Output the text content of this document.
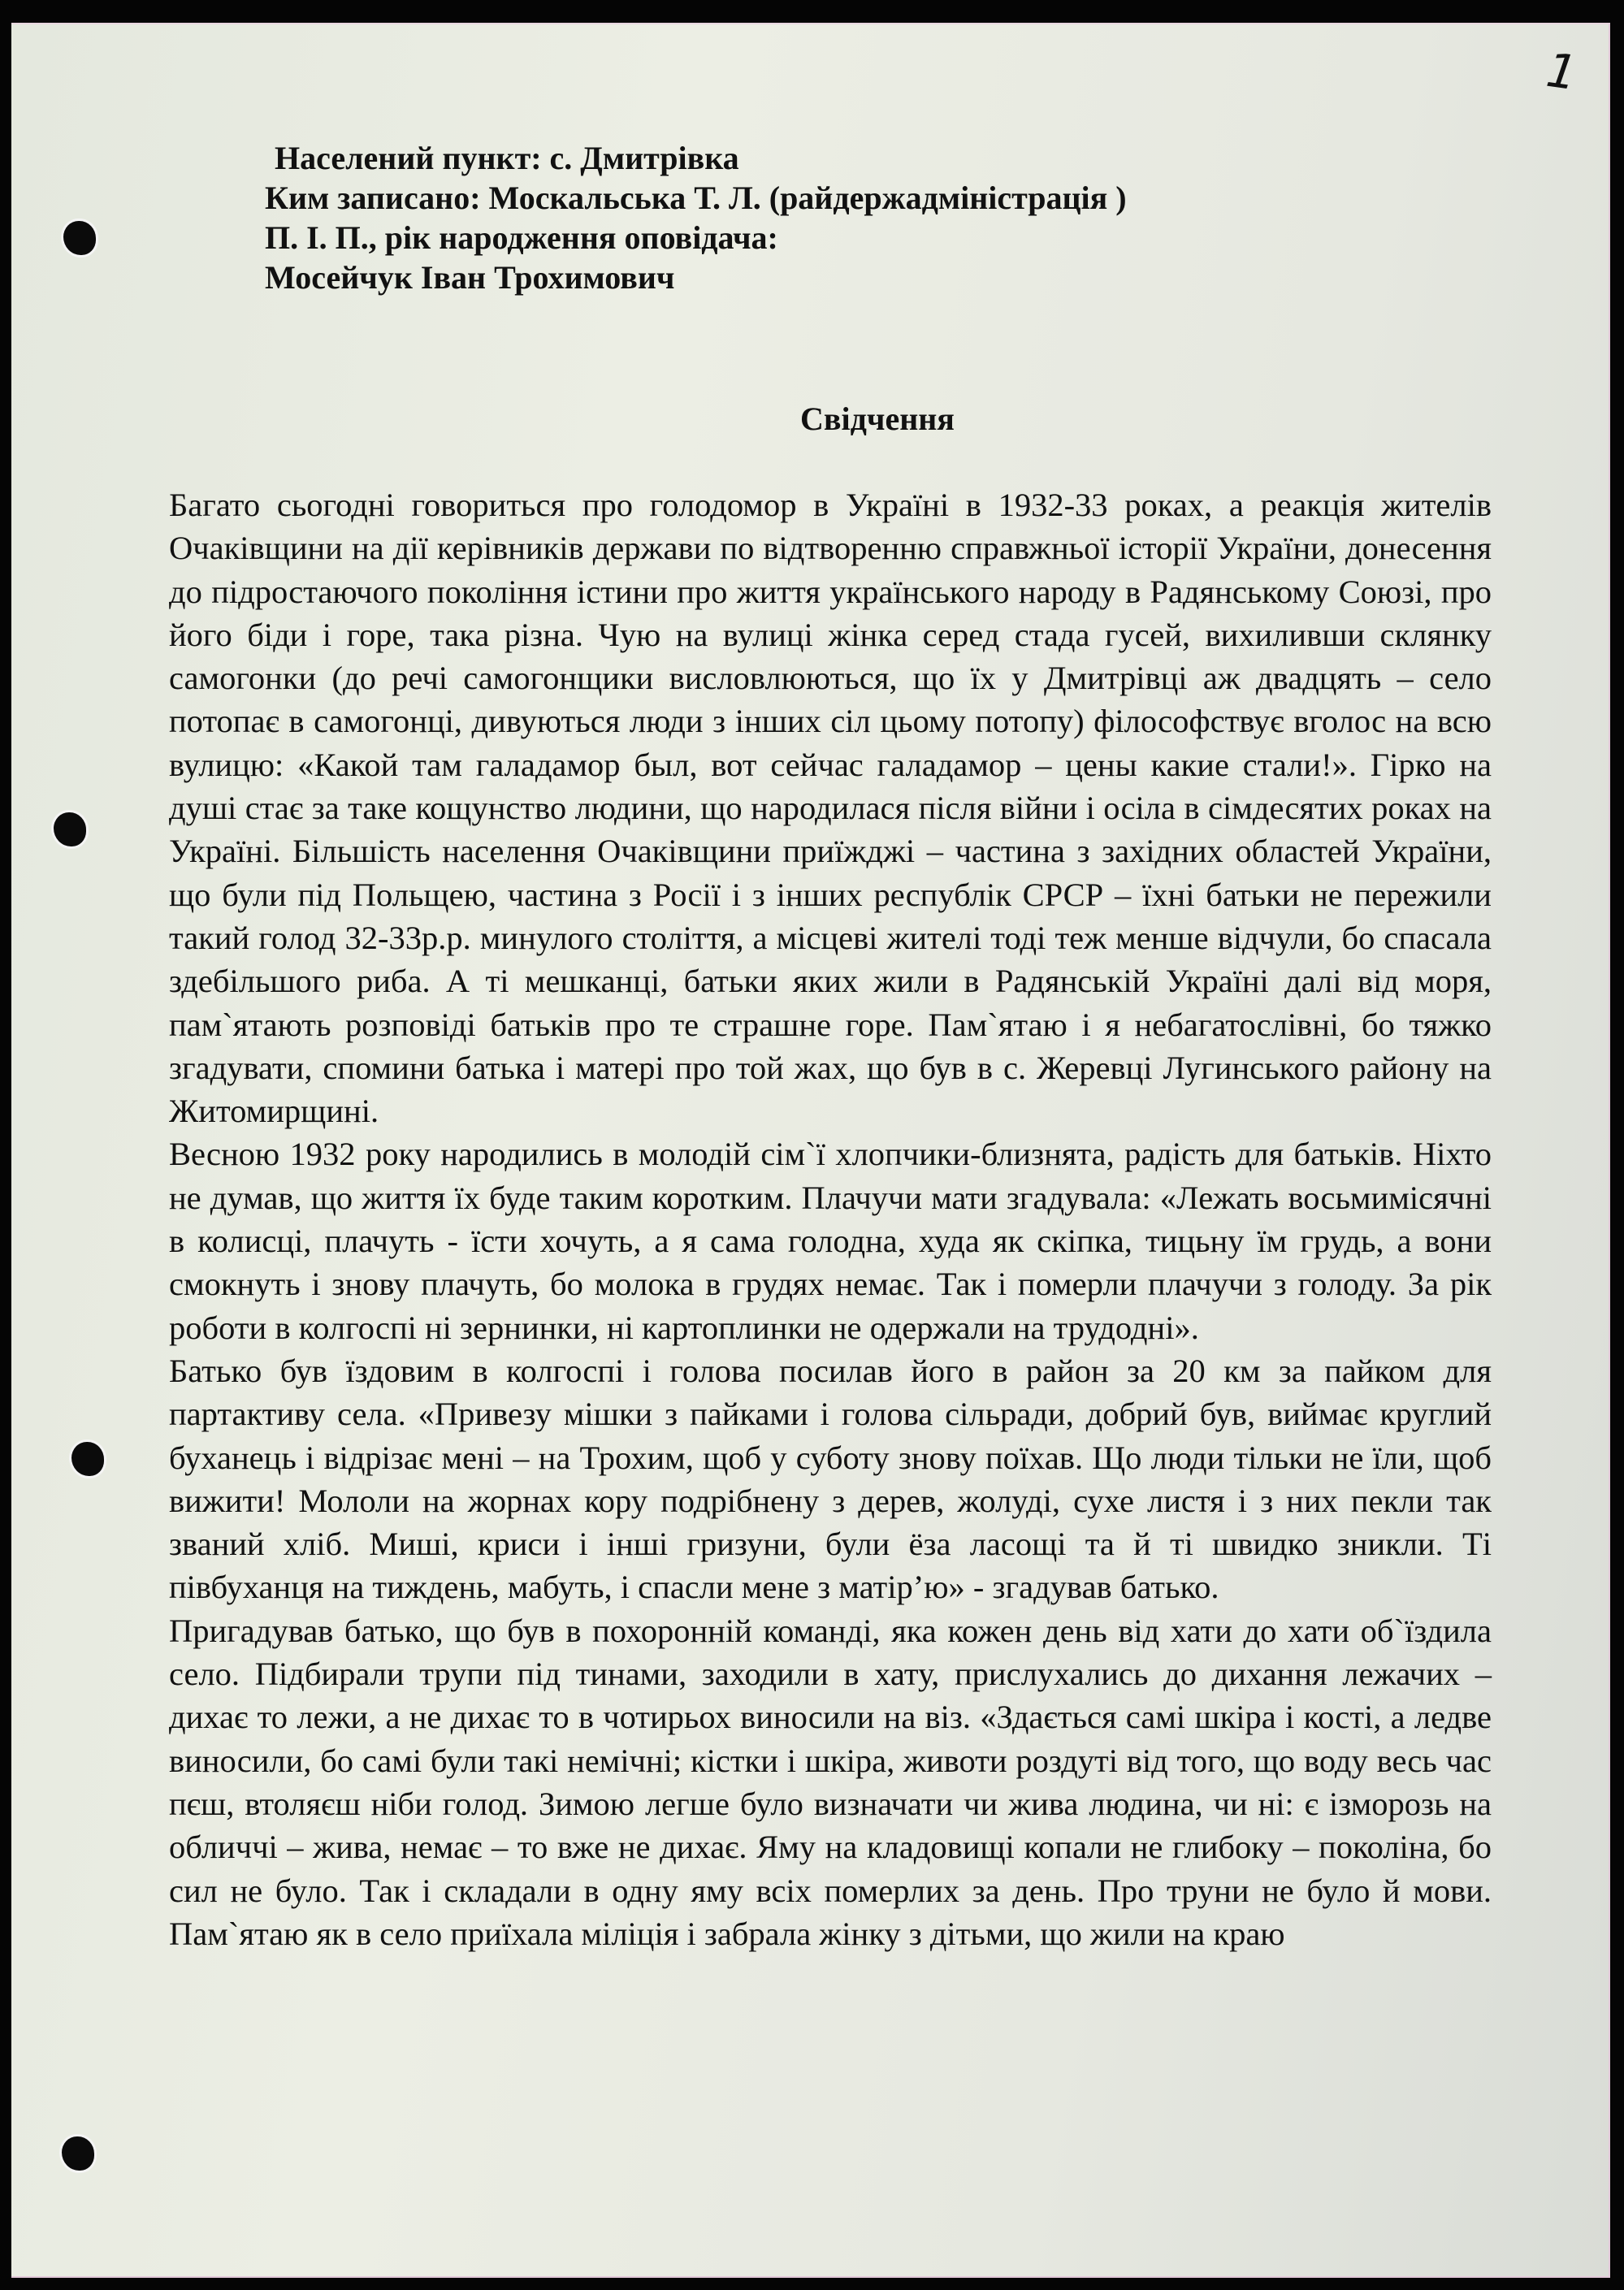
1
Населений пункт: с. Дмитрівка
Ким записано: Москальська Т. Л. (райдержадміністрація )
П. І. П., рік народження оповідача:
Мосейчук Іван Трохимович
Свідчення

Багато сьогодні говориться про голодомор в Україні в 1932-33 роках, а реакція жителів Очаківщини на дії керівників держави по відтворенню справжньої історії України, донесення до підростаючого покоління істини про життя українського народу в Радянському Союзі, про його біди і горе, така різна. Чую на вулиці жінка серед стада гусей, вихиливши склянку самогонки (до речі самогонщики висловлюються, що їх у Дмитрівці аж двадцять – село потопає в самогонці, дивуються люди з інших сіл цьому потопу) філософствує вголос на всю вулицю: «Какой там галадамор был, вот сейчас галадамор – цены какие стали!». Гірко на душі стає за таке кощунство людини, що народилася після війни і осіла в сімдесятих роках на Україні. Більшість населення Очаківщини приїжджі – частина з західних областей України, що були під Польщею, частина з Росії і з інших республік СРСР – їхні батьки не пережили такий голод 32-33р.р. минулого століття, а місцеві жителі тоді теж менше відчули, бо спасала здебільшого риба. А ті мешканці, батьки яких жили в Радянській Україні далі від моря, пам`ятають розповіді батьків про те страшне горе. Пам`ятаю і я небагатослівні, бо тяжко згадувати, спомини батька і матері про той жах, що був в с. Жеревці Лугинського району на Житомирщині.

Весною 1932 року народились в молодій сім`ї хлопчики-близнята, радість для батьків. Ніхто не думав, що життя їх буде таким коротким. Плачучи мати згадувала: «Лежать восьмимісячні в колисці, плачуть - їсти хочуть, а я сама голодна, худа як скіпка, тицьну їм грудь, а вони смокнуть і знову плачуть, бо молока в грудях немає. Так і померли плачучи з голоду. За рік роботи в колгоспі ні зернинки, ні картоплинки не одержали на трудодні».

Батько був їздовим в колгоспі і голова посилав його в район за 20 км за пайком для партактиву села. «Привезу мішки з пайками і голова сільради, добрий був, виймає круглий буханець і відрізає мені – на Трохим, щоб у суботу знову поїхав. Що люди тільки не їли, щоб вижити! Мололи на жорнах кору подрібнену з дерев, жолуді, сухе листя і з них пекли так званий хліб. Миші, криси і інші гризуни, були ёза ласощі та й ті швидко зникли. Ті півбуханця на тиждень, мабуть, і спасли мене з матір’ю» - згадував батько.

Пригадував батько, що був в похоронній команді, яка кожен день від хати до хати об`їздила село. Підбирали трупи під тинами, заходили в хату, прислухались до дихання лежачих – дихає то лежи, а не дихає то в чотирьох виносили на віз. «Здається самі шкіра і кості, а ледве виносили, бо самі були такі немічні; кістки і шкіра, животи роздуті від того, що воду весь час пєш, втоляєш ніби голод. Зимою легше було визначати чи жива людина, чи ні: є ізморозь на обличчі – жива, немає – то вже не дихає. Яму на кладовищі копали не глибоку – поколіна, бо сил не було. Так і складали в одну яму всіх померлих за день. Про труни не було й мови. Пам`ятаю як в село приїхала міліція і забрала жінку з дітьми, що жили на краю
